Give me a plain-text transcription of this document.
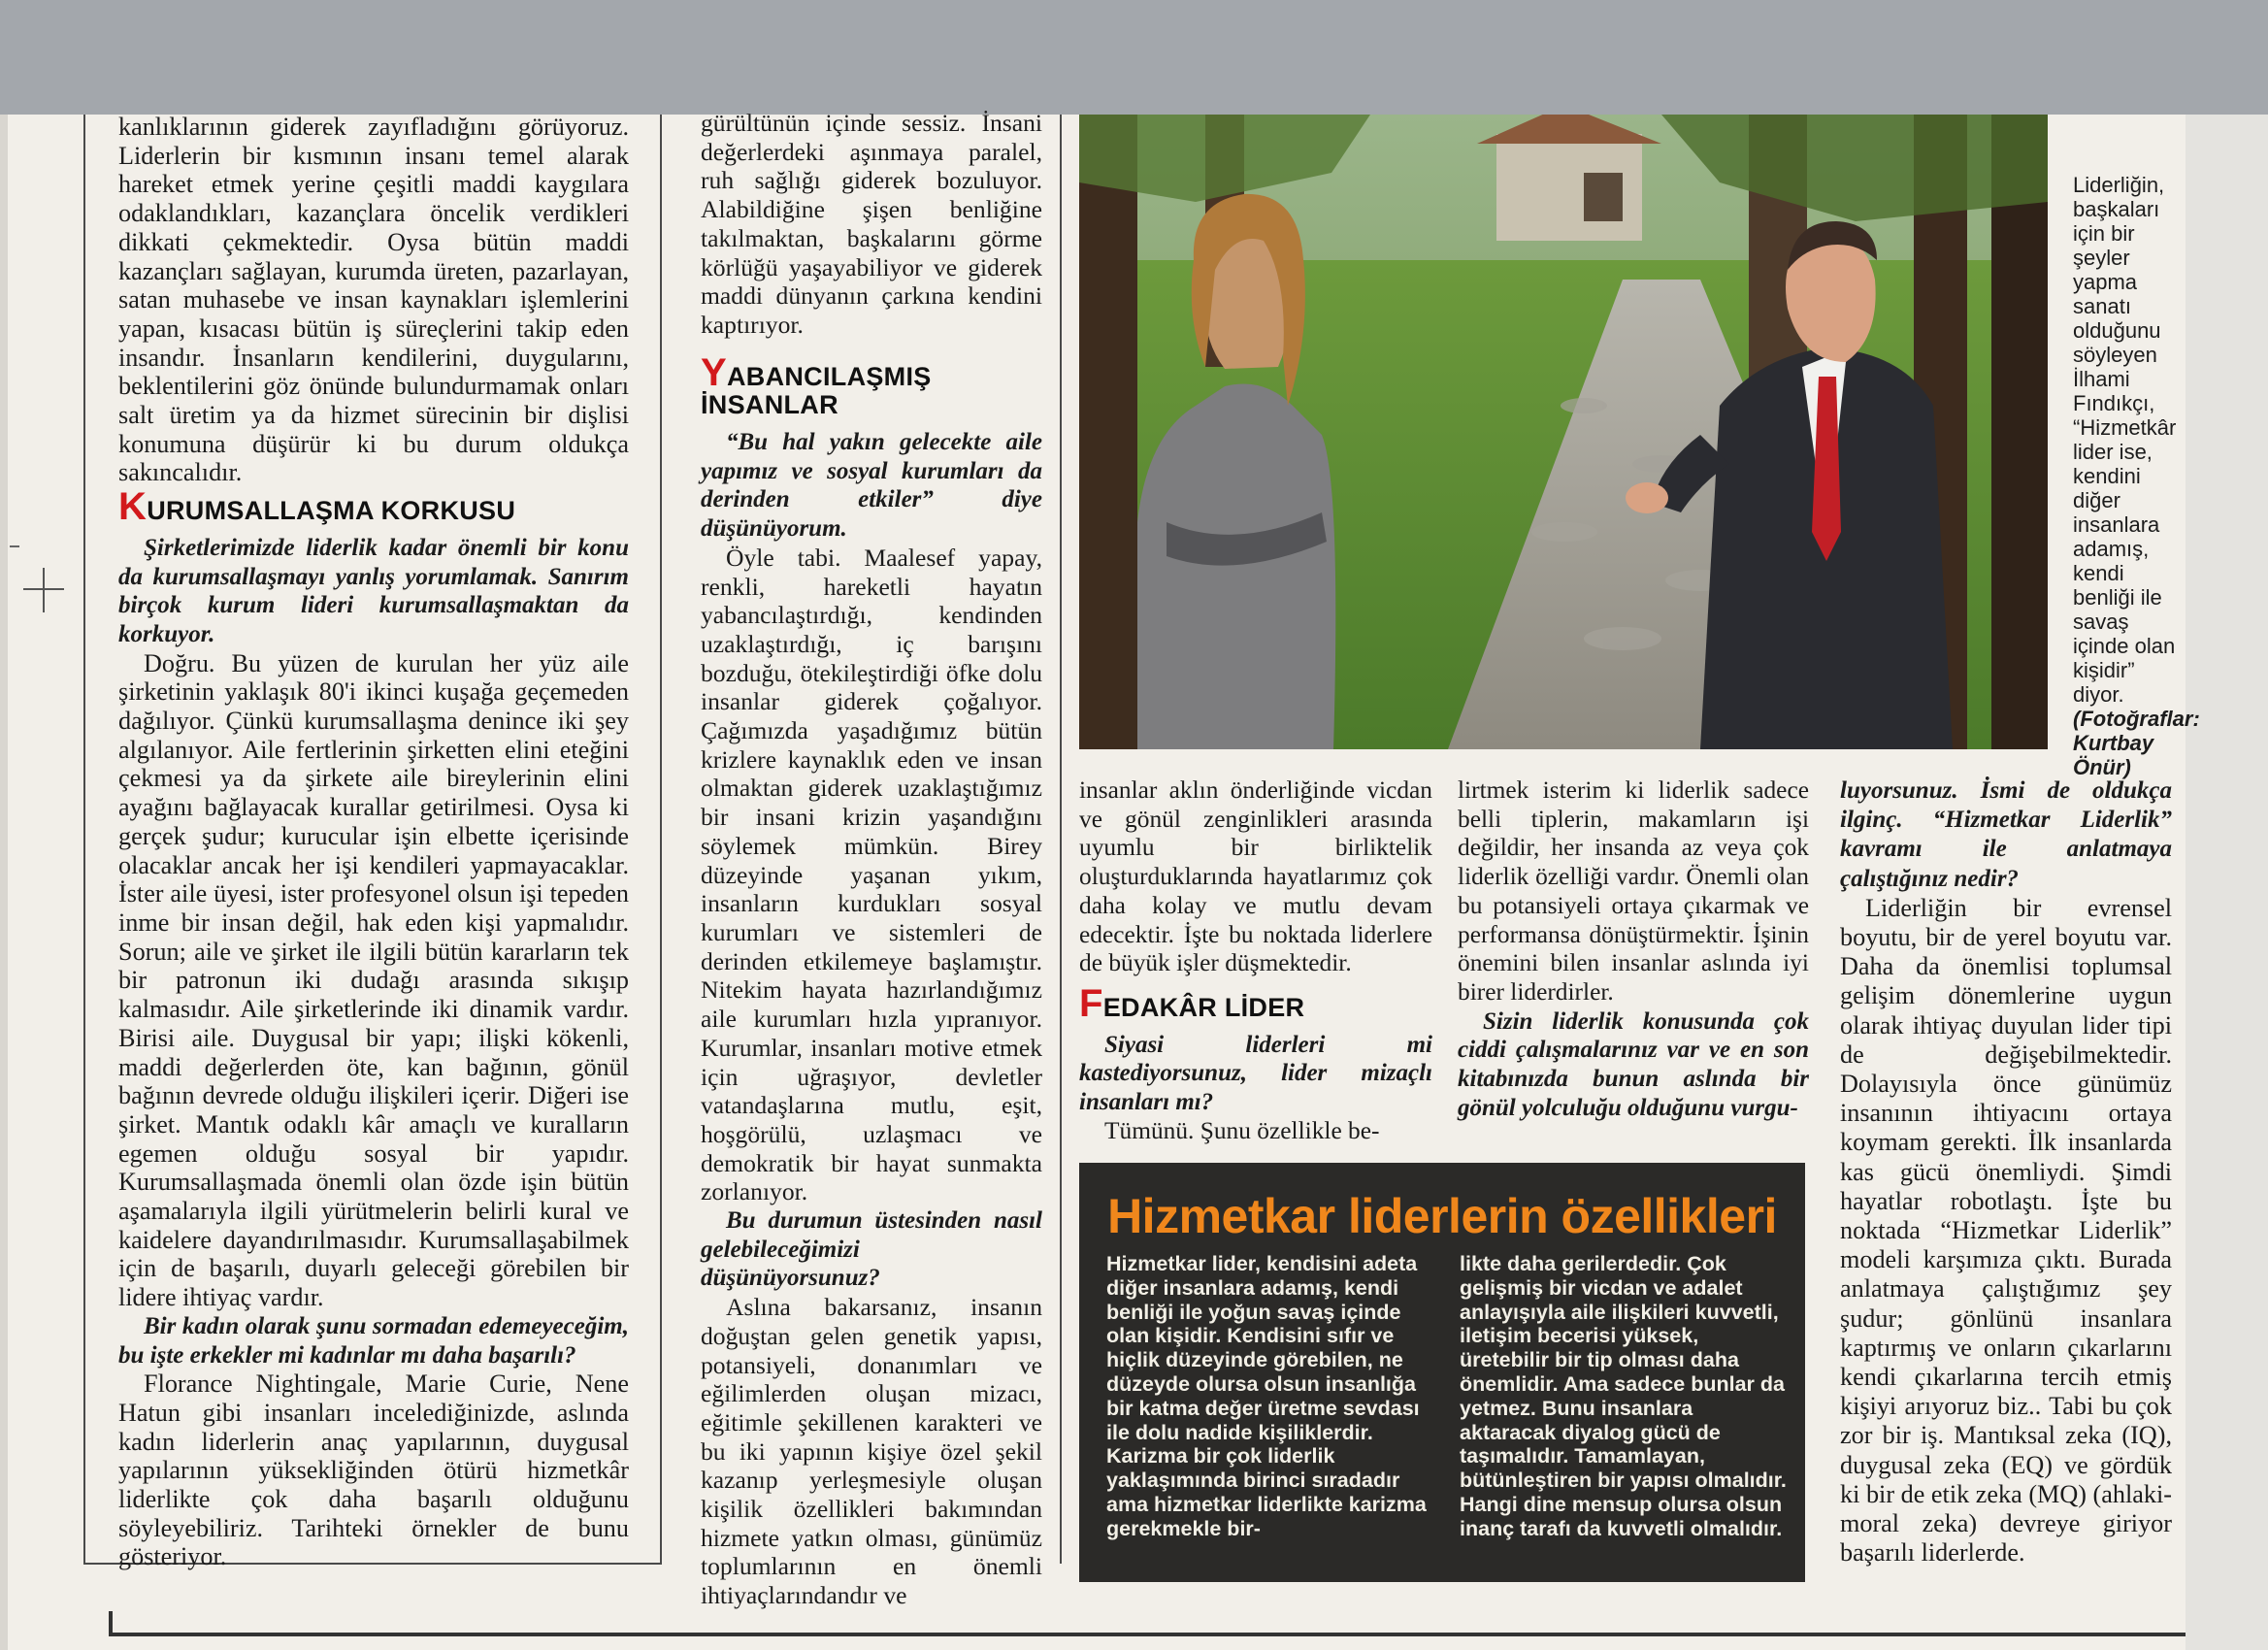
kanlıklarının giderek zayıfladığını görüyoruz. Liderlerin bir kısmının insanı temel alarak hareket etmek yerine çeşitli maddi kaygılara odaklandıkları, kazançlara öncelik verdikleri dikkati çekmektedir. Oysa bütün maddi kazançları sağlayan, kurumda üreten, pazarlayan, satan muhasebe ve insan kaynakları işlemlerini yapan, kısacası bütün iş süreçlerini takip eden insandır. İnsanların kendilerini, duygularını, beklentilerini göz önünde bulundurmamak onları salt üretim ya da hizmet sürecinin bir dişlisi konumuna düşürür ki bu durum oldukça sakıncalıdır.

KURUMSALLAŞMA KORKUSU

Şirketlerimizde liderlik kadar önemli bir konu da kurumsallaşmayı yanlış yorumlamak. Sanırım birçok kurum lideri kurumsallaşmaktan da korkuyor.

Doğru. Bu yüzen de kurulan her yüz aile şirketinin yaklaşık 80'i ikinci kuşağa geçemeden dağılıyor. Çünkü kurumsallaşma denince iki şey algılanıyor. Aile fertlerinin şirketten elini eteğini çekmesi ya da şirkete aile bireylerinin elini ayağını bağlayacak kurallar getirilmesi. Oysa ki gerçek şudur; kurucular işin elbette içerisinde olacaklar ancak her işi kendileri yapmayacaklar. İster aile üyesi, ister profesyonel olsun işi tepeden inme bir insan değil, hak eden kişi yapmalıdır. Sorun; aile ve şirket ile ilgili bütün kararların tek bir patronun iki dudağı arasında sıkışıp kalmasıdır. Aile şirketlerinde iki dinamik vardır. Birisi aile. Duygusal bir yapı; ilişki kökenli, maddi değerlerden öte, kan bağının, gönül bağının devrede olduğu ilişkileri içerir. Diğeri ise şirket. Mantık odaklı kâr amaçlı ve kuralların egemen olduğu sosyal bir yapıdır. Kurumsallaşmada önemli olan özde işin bütün aşamalarıyla ilgili yürütmelerin belirli kural ve kaidelere dayandırılmasıdır. Kurumsallaşabilmek için de başarılı, duyarlı geleceği görebilen bir lidere ihtiyaç vardır.

Bir kadın olarak şunu sormadan edemeyeceğim, bu işte erkekler mi kadınlar mı daha başarılı?

Florance Nightingale, Marie Curie, Nene Hatun gibi insanları incelediğinizde, aslında kadın liderlerin anaç yapılarının, duygusal yapılarının yüksekliğinden ötürü hizmetkâr liderlikte çok daha başarılı olduğunu söyleyebiliriz. Tarihteki örnekler de bunu gösteriyor.

gürültünün içinde sessiz. İnsani değerlerdeki aşınmaya paralel, ruh sağlığı giderek bozuluyor. Alabildiğine şişen benliğine takılmaktan, başkalarını görme körlüğü yaşayabiliyor ve giderek maddi dünyanın çarkına kendini kaptırıyor.

YABANCILAŞMIŞ İNSANLAR

“Bu hal yakın gelecekte aile yapımız ve sosyal kurumları da derinden etkiler” diye düşünüyorum.

Öyle tabi. Maalesef yapay, renkli, hareketli hayatın yabancılaştırdığı, kendinden uzaklaştırdığı, iç barışını bozduğu, ötekileştirdiği öfke dolu insanlar giderek çoğalıyor. Çağımızda yaşadığımız bütün krizlere kaynaklık eden ve insan olmaktan giderek uzaklaştığımız bir insani krizin yaşandığını söylemek mümkün. Birey düzeyinde yaşanan yıkım, insanların kurdukları sosyal kurumları ve sistemleri de derinden etkilemeye başlamıştır. Nitekim hayata hazırlandığımız aile kurumları hızla yıpranıyor. Kurumlar, insanları motive etmek için uğraşıyor, devletler vatandaşlarına mutlu, eşit, hoşgörülü, uzlaşmacı ve demokratik bir hayat sunmakta zorlanıyor.

Bu durumun üstesinden nasıl gelebileceğimizi düşünüyorsunuz?

Aslına bakarsanız, insanın doğuştan gelen genetik yapısı, potansiyeli, donanımları ve eğilimlerden oluşan mizacı, eğitimle şekillenen karakteri ve bu iki yapının kişiye özel şekil kazanıp yerleşmesiyle oluşan kişilik özellikleri bakımından hizmete yatkın olması, günümüz toplumlarının en önemli ihtiyaçlarındandır ve

Liderliğin, başkaları için bir şeyler yapma sanatı olduğunu söyleyen İlhami Fındıkçı, “Hizmetkâr lider ise, kendini diğer insanlara adamış, kendi benliği ile savaş içinde olan kişidir” diyor. (Fotoğraflar: Kurtbay Önür)

insanlar aklın önderliğinde vicdan ve gönül zenginlikleri arasında uyumlu bir birliktelik oluşturduklarında hayatlarımız çok daha kolay ve mutlu devam edecektir. İşte bu noktada liderlere de büyük işler düşmektedir.

FEDAKÂR LİDER

Siyasi liderleri mi kastediyorsunuz, lider mizaçlı insanları mı?

Tümünü. Şunu özellikle be-

lirtmek isterim ki liderlik sadece belli tiplerin, makamların işi değildir, her insanda az veya çok liderlik özelliği vardır. Önemli olan bu potansiyeli ortaya çıkarmak ve performansa dönüştürmektir. İşinin önemini bilen insanlar aslında iyi birer liderdirler.

Sizin liderlik konusunda çok ciddi çalışmalarınız var ve en son kitabınızda bunun aslında bir gönül yolculuğu olduğunu vurgu-

luyorsunuz. İsmi de oldukça ilginç. “Hizmetkar Liderlik” kavramı ile anlatmaya çalıştığınız nedir?

Liderliğin bir evrensel boyutu, bir de yerel boyutu var. Daha da önemlisi toplumsal gelişim dönemlerine uygun olarak ihtiyaç duyulan lider tipi de değişebilmektedir. Dolayısıyla önce günümüz insanının ihtiyacını ortaya koymam gerekti. İlk insanlarda kas gücü önemliydi. Şimdi hayatlar robotlaştı. İşte bu noktada “Hizmetkar Liderlik” modeli karşımıza çıktı. Burada anlatmaya çalıştığımız şey şudur; gönlünü insanlara kaptırmış ve onların çıkarlarını kendi çıkarlarına tercih etmiş kişiyi arıyoruz biz.. Tabi bu çok zor bir iş. Mantıksal zeka (IQ), duygusal zeka (EQ) ve gördük ki bir de etik zeka (MQ) (ahlaki-moral zeka) devreye giriyor başarılı liderlerde.

Hizmetkar liderlerin özellikleri

Hizmetkar lider, kendisini adeta diğer insanlara adamış, kendi benliği ile yoğun savaş içinde olan kişidir. Kendisini sıfır ve hiçlik düzeyinde görebilen, ne düzeyde olursa olsun insanlığa bir katma değer üretme sevdası ile dolu nadide kişiliklerdir. Karizma bir çok liderlik yaklaşımında birinci sıradadır ama hizmetkar liderlikte karizma gerekmekle bir-

likte daha gerilerdedir. Çok gelişmiş bir vicdan ve adalet anlayışıyla aile ilişkileri kuvvetli, iletişim becerisi yüksek, üretebilir bir tip olması daha önemlidir. Ama sadece bunlar da yetmez. Bunu insanlara aktaracak diyalog gücü de taşımalıdır. Tamamlayan, bütünleştiren bir yapısı olmalıdır. Hangi dine mensup olursa olsun inanç tarafı da kuvvetli olmalıdır.
